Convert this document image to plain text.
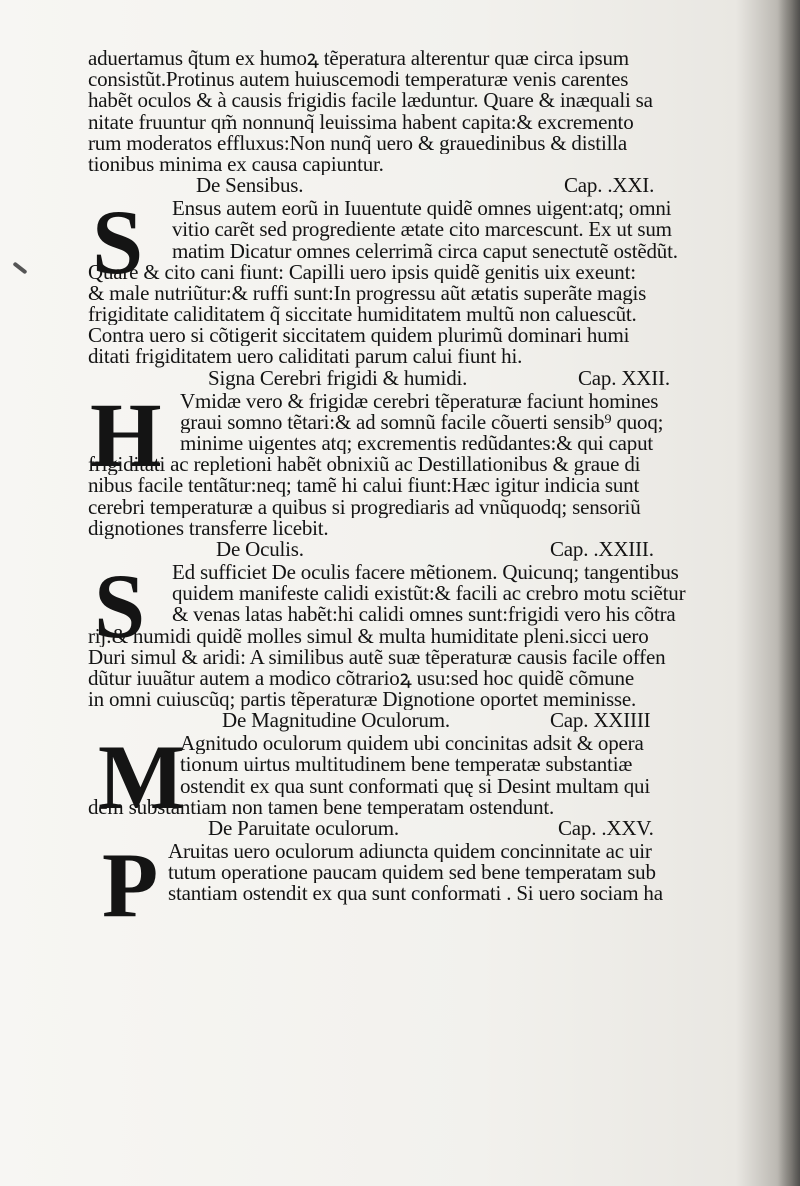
aduertamus q̃tum ex humoꝝ tẽperatura alterentur quæ circa ipsum
consistũt.Protinus autem huiuscemodi temperaturæ venis carentes
habẽt oculos & à causis frigidis facile læduntur. Quare & inæquali sa
nitate fruuntur qm̃ nonnunq̃ leuissima habent capita:& excremento
rum moderatos effluxus:Non nunq̃ uero & grauedinibus & distilla
tionibus minima ex causa capiuntur.
De Sensibus.	Cap. .XXI.
S	Ensus autem eorũ in Iuuentute quidẽ omnes uigent:atq; omni
vitio carẽt sed progrediente ætate cito marcescunt. Ex ut sum
matim Dicatur omnes celerrimã circa caput senectutẽ ostẽdũt.
Quare & cito cani fiunt: Capilli uero ipsis quidẽ genitis uix exeunt:
& male nutriũtur:& ruffi sunt:In progressu aũt ætatis superãte magis
frigiditate caliditatem q̃ siccitate humiditatem multũ non caluescũt.
Contra uero si cõtigerit siccitatem quidem plurimũ dominari humi
ditati frigiditatem uero caliditati parum calui fiunt hi.
Signa Cerebri frigidi & humidi.	Cap. XXII.
H Vmidæ vero & frigidæ cerebri tẽperaturæ faciunt homines
graui somno tẽtari:& ad somnũ facile cõuerti sensib⁹ quoq;
minime uigentes atq; excrementis redũdantes:& qui caput
frigiditati ac repletioni habẽt obnixiũ ac Destillationibus & graue di
nibus facile tentãtur:neq; tamẽ hi calui fiunt:Hæc igitur indicia sunt
cerebri temperaturæ a quibus si progrediaris ad vnũquodq; sensoriũ
dignotiones transferre licebit.
De Oculis.	Cap. .XXIII.
S	Ed sufficiet De oculis facere mẽtionem. Quicunq; tangentibus
quidem manifeste calidi existũt:& facili ac crebro motu sciẽtur
& venas latas habẽt:hi calidi omnes sunt:frigidi vero his cõtra
rij:& humidi quidẽ molles simul & multa humiditate pleni.sicci uero
Duri simul & aridi: A similibus autẽ suæ tẽperaturæ causis facile offen
dũtur iuuãtur autem a modico cõtrarioꝝ usu:sed hoc quidẽ cõmune
in omni cuiuscũq; partis tẽperaturæ Dignotione oportet meminisse.
De Magnitudine Oculorum.	Cap. XXIIII
M
Agnitudo oculorum quidem ubi concinitas adsit & opera
tionum uirtus multitudinem bene temperatæ substantiæ
ostendit ex qua sunt conformati quę si Desint multam qui
dem substantiam non tamen bene temperatam ostendunt.
De Paruitate oculorum.	Cap. .XXV.
P Aruitas uero oculorum adiuncta quidem concinnitate ac uir
tutum operatione paucam quidem sed bene temperatam sub
stantiam ostendit ex qua sunt conformati . Si uero sociam ha
